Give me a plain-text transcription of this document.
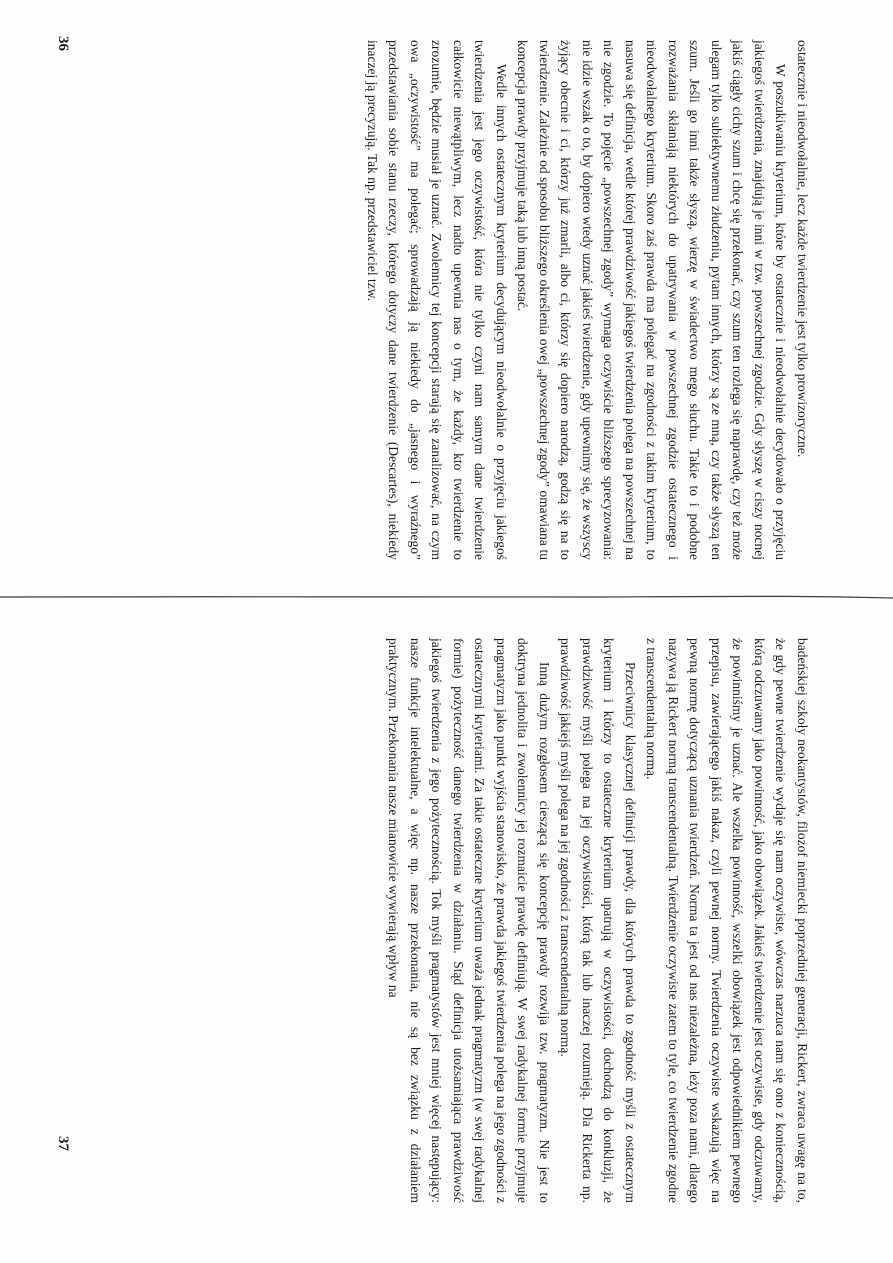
36	ostatecznie i nieodwołalnie, lecz każde twierdzenie jest tylko prowizoryczne.

W poszukiwaniu kryterium, które by ostatecznie i nieodwołalnie decydowało o przyjęciu jakiegoś twierdzenia, znajdują je inni w tzw. powszechnej zgodzie. Gdy słyszę w ciszy nocnej jakiś ciągły cichy szum i chcę się przekonać, czy szum ten rozlega się naprawdę, czy też może ulegam tylko subiektywnemu złudzeniu, pytam innych, którzy są ze mną, czy także słyszą ten szum. Jeśli go inni także słyszą, wierzę w świadectwo mego słuchu. Takie to i podobne rozważania skłaniają niektórych do upatrywania w powszechnej zgodzie ostatecznego i nieodwołalnego kryterium. Skoro zaś prawda ma polegać na zgodności z takim kryterium, to nasuwa się definicja, wedle której prawdziwość jakiegoś twierdzenia polega na powszechnej na nie zgodzie. To pojęcie „powszechnej zgody” wymaga oczywiście bliższego sprecyzowania: nie idzie wszak o to, by dopiero wtedy uznać jakieś twierdzenie, gdy upewnimy się, że wszyscy żyjący obecnie i ci, którzy już zmarli, albo ci, którzy się dopiero narodzą, godzą się na to twierdzenie. Zależnie od sposobu bliższego określenia owej „powszechnej zgody” omawiana tu koncepcja prawdy przyjmuje taką lub inną postać.

Wedle innych ostatecznym kryterium decydującym nieodwołalnie o przyjęciu jakiegoś twierdzenia jest jego oczywistość, która nie tylko czyni nam samym dane twierdzenie całkowicie niewątpliwym, lecz nadto upewnia nas o tym, że każdy, kto twierdzenie to zrozumie, będzie musiał je uznać. Zwolennicy tej koncepcji starają się zanalizować, na czym owa „oczywistość” ma polegać; sprowadzają ją niekiedy do „jasnego i wyraźnego” przedstawiania sobie stanu rzeczy, którego dotyczy dane twierdzenie (Descartes), niekiedy inaczej ją precyzują. Tak np. przedstawiciel tzw.

badeńskiej szkoły neokantystów, filozof niemiecki poprzedniej generacji, Rickert, zwraca uwagę na to, że gdy pewne twierdzenie wydaje się nam oczywiste, wówczas narzuca nam się ono z koniecznością, którą odczuwamy jako powinność, jako obowiązek. Jakieś twierdzenie jest oczywiste, gdy odczuwamy, że powinniśmy je uznać. Ale wszelka powinność, wszelki obowiązek jest odpowiednikiem pewnego przepisu, zawierającego jakiś nakaz, czyli pewnej normy. Twierdzenia oczywiste wskazują więc na pewną normę dotyczącą uznania twierdzeń. Norma ta jest od nas niezależna, leży poza nami, dlatego nazywa ją Rickert normą transcendentalną. Twierdzenie oczywiste zatem to tyle, co twierdzenie zgodne z transcendentalną normą.

Przeciwnicy klasycznej definicji prawdy, dla których prawda to zgodność myśli z ostatecznym kryterium i którzy to ostateczne kryterium upatrują w oczywistości, dochodzą do konkluzji, że prawdziwość myśli polega na jej oczywistości, którą tak lub inaczej rozumieją. Dla Rickerta np. prawdziwość jakiejś myśli polega na jej zgodności z transcendentalną normą.

Inną dużym rozgłosem cieszącą się koncepcję prawdy rozwija tzw. pragmatyzm. Nie jest to doktryna jednolita i zwolennicy jej rozmaicie prawdę definiują. W swej radykalnej formie przyjmuje pragmatyzm jako punkt wyjścia stanowisko, że prawda jakiegoś twierdzenia polega na jego zgodności z ostatecznymi kryteriami. Za takie ostateczne kryterium uważa jednak pragmatyzm (w swej radykalnej formie) pożyteczność danego twierdzenia w działaniu. Stąd definicja utożsamiająca prawdziwość jakiegoś twierdzenia z jego pożytecznością. Tok myśli pragmatystów jest mniej więcej następujący: nasze funkcje intelektualne, a więc np. nasze przekonania, nie są bez związku z działaniem praktycznym. Przekonania nasze mianowicie wywierają wpływ na

37
